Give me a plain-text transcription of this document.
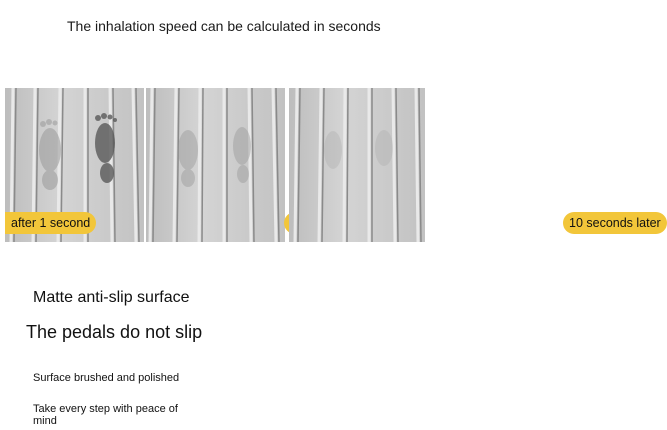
The inhalation speed can be calculated in seconds
after 1 second	10 seconds later
Matte anti-slip surface
The pedals do not slip
Surface brushed and polished
Take every step with peace of mind
